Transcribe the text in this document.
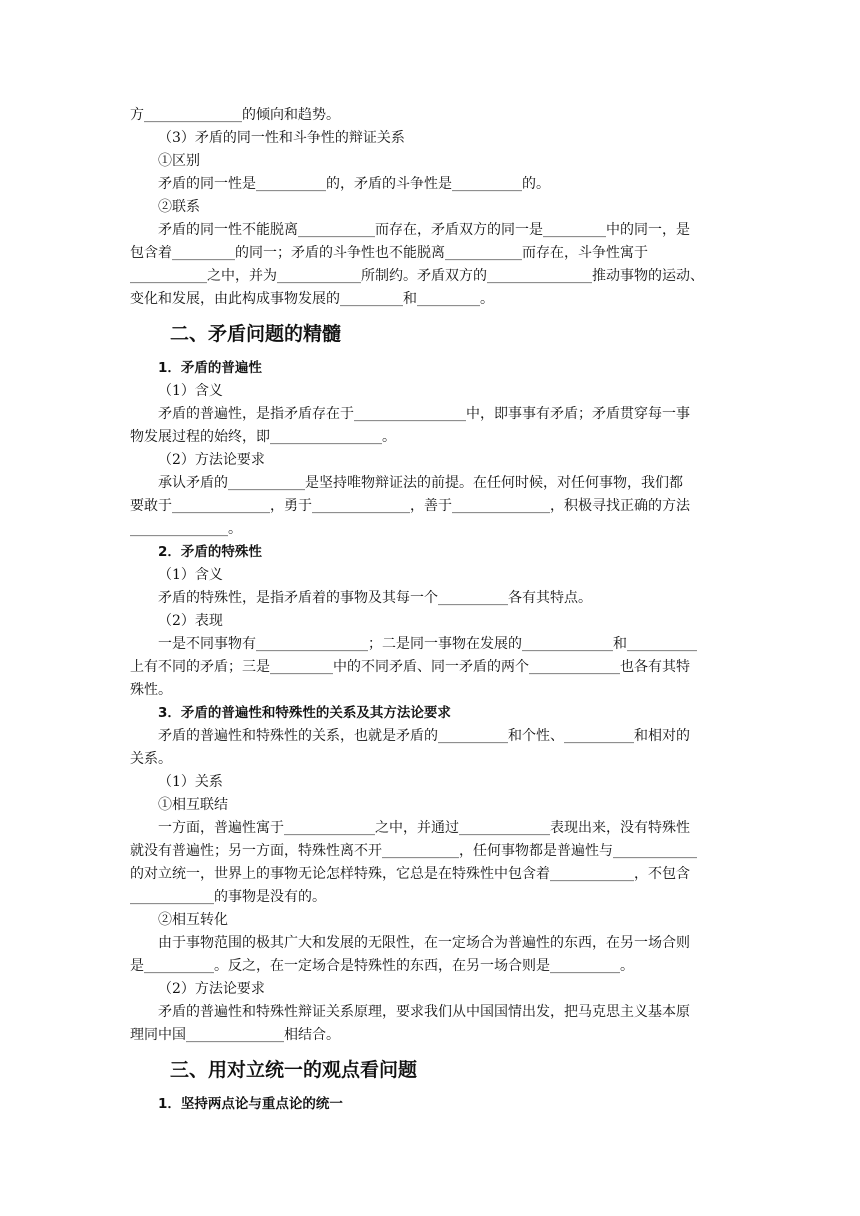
方______________的倾向和趋势。
（3）矛盾的同一性和斗争性的辩证关系
①区别
矛盾的同一性是__________的，矛盾的斗争性是__________的。
②联系
矛盾的同一性不能脱离___________而存在，矛盾双方的同一是_________中的同一，是
包含着_________的同一；矛盾的斗争性也不能脱离___________而存在，斗争性寓于
___________之中，并为____________所制约。矛盾双方的_______________推动事物的运动、
变化和发展，由此构成事物发展的_________和_________。
二、矛盾问题的精髓
1．矛盾的普遍性
（1）含义
矛盾的普遍性，是指矛盾存在于________________中，即事事有矛盾；矛盾贯穿每一事
物发展过程的始终，即________________。
（2）方法论要求
承认矛盾的___________是坚持唯物辩证法的前提。在任何时候，对任何事物，我们都
要敢于______________，勇于______________，善于______________，积极寻找正确的方法
______________。
2．矛盾的特殊性
（1）含义
矛盾的特殊性，是指矛盾着的事物及其每一个__________各有其特点。
（2）表现
一是不同事物有________________；二是同一事物在发展的_____________和__________
上有不同的矛盾；三是_________中的不同矛盾、同一矛盾的两个_____________也各有其特
殊性。
3．矛盾的普遍性和特殊性的关系及其方法论要求
矛盾的普遍性和特殊性的关系，也就是矛盾的__________和个性、__________和相对的
关系。
（1）关系
①相互联结
一方面，普遍性寓于_____________之中，并通过_____________表现出来，没有特殊性
就没有普遍性；另一方面，特殊性离不开___________，任何事物都是普遍性与____________
的对立统一，世界上的事物无论怎样特殊，它总是在特殊性中包含着____________，不包含
____________的事物是没有的。
②相互转化
由于事物范围的极其广大和发展的无限性，在一定场合为普遍性的东西，在另一场合则
是__________。反之，在一定场合是特殊性的东西，在另一场合则是__________。
（2）方法论要求
矛盾的普遍性和特殊性辩证关系原理，要求我们从中国国情出发，把马克思主义基本原
理同中国______________相结合。
三、用对立统一的观点看问题
1．坚持两点论与重点论的统一
